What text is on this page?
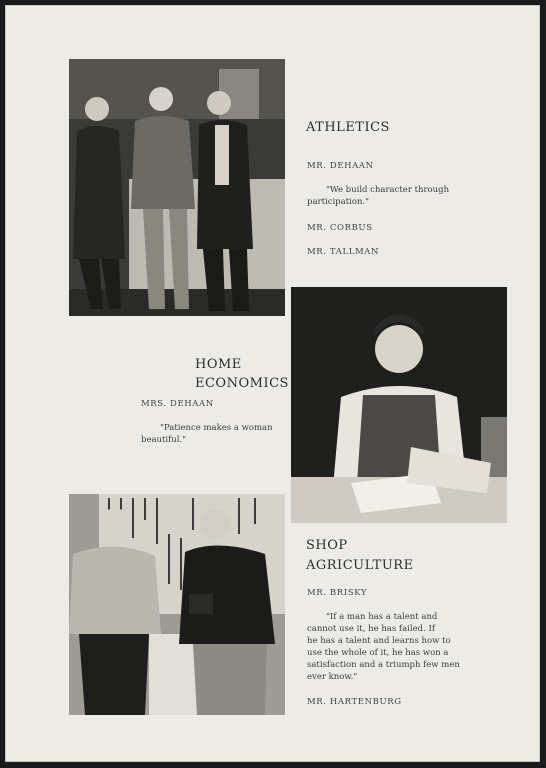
ATHLETICS
MR. DEHAAN
"We build character through
participation."
MR. CORBUS
MR. TALLMAN
HOME
ECONOMICS
MRS. DEHAAN
"Patience makes a woman
beautiful."
SHOP
AGRICULTURE
MR. BRISKY
"If a man has a talent and
cannot use it, he has failed. If
he has a talent and learns how to
use the whole of it, he has won a
satisfaction and a triumph few men
ever know."
MR. HARTENBURG
